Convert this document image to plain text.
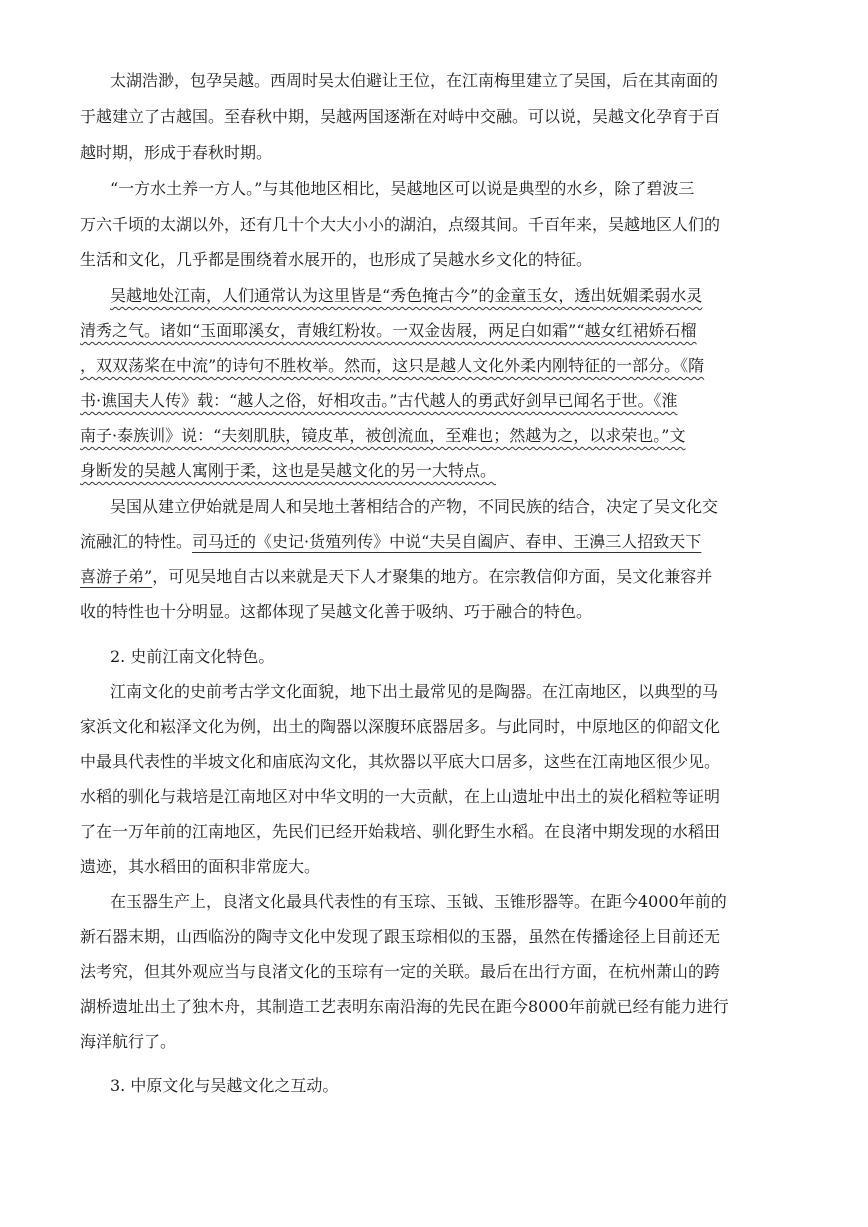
太湖浩渺，包孕吴越。西周时吴太伯避让王位，在江南梅里建立了吴国，后在其南面的
于越建立了古越国。至春秋中期，吴越两国逐渐在对峙中交融。可以说，吴越文化孕育于百
越时期，形成于春秋时期。
“一方水土养一方人。”与其他地区相比，吴越地区可以说是典型的水乡，除了碧波三
万六千顷的太湖以外，还有几十个大大小小的湖泊，点缀其间。千百年来，吴越地区人们的
生活和文化，几乎都是围绕着水展开的，也形成了吴越水乡文化的特征。
吴越地处江南，人们通常认为这里皆是“秀色掩古今”的金童玉女，透出妩媚柔弱水灵
清秀之气。诸如“玉面耶溪女，青娥红粉妆。一双金齿屐，两足白如霜”“越女红裙娇石榴
，双双荡桨在中流”的诗句不胜枚举。然而，这只是越人文化外柔内刚特征的一部分。《隋
书·谯国夫人传》载：“越人之俗，好相攻击。”古代越人的勇武好剑早已闻名于世。《淮
南子·泰族训》说：“夫刻肌肤，镜皮革，被创流血，至难也；然越为之，以求荣也。”文
身断发的吴越人寓刚于柔，这也是吴越文化的另一大特点。
吴国从建立伊始就是周人和吴地土著相结合的产物，不同民族的结合，决定了吴文化交
流融汇的特性。司马迁的《史记·货殖列传》中说“夫吴自阖庐、春申、王濞三人招致天下
喜游子弟”，可见吴地自古以来就是天下人才聚集的地方。在宗教信仰方面，吴文化兼容并
收的特性也十分明显。这都体现了吴越文化善于吸纳、巧于融合的特色。
2. 史前江南文化特色。
江南文化的史前考古学文化面貌，地下出土最常见的是陶器。在江南地区，以典型的马
家浜文化和崧泽文化为例，出土的陶器以深腹环底器居多。与此同时，中原地区的仰韶文化
中最具代表性的半坡文化和庙底沟文化，其炊器以平底大口居多，这些在江南地区很少见。
水稻的驯化与栽培是江南地区对中华文明的一大贡献，在上山遗址中出土的炭化稻粒等证明
了在一万年前的江南地区，先民们已经开始栽培、驯化野生水稻。在良渚中期发现的水稻田
遗迹，其水稻田的面积非常庞大。
在玉器生产上，良渚文化最具代表性的有玉琮、玉钺、玉锥形器等。在距今4000年前的
新石器末期，山西临汾的陶寺文化中发现了跟玉琮相似的玉器，虽然在传播途径上目前还无
法考究，但其外观应当与良渚文化的玉琮有一定的关联。最后在出行方面，在杭州萧山的跨
湖桥遗址出土了独木舟，其制造工艺表明东南沿海的先民在距今8000年前就已经有能力进行
海洋航行了。
3. 中原文化与吴越文化之互动。
